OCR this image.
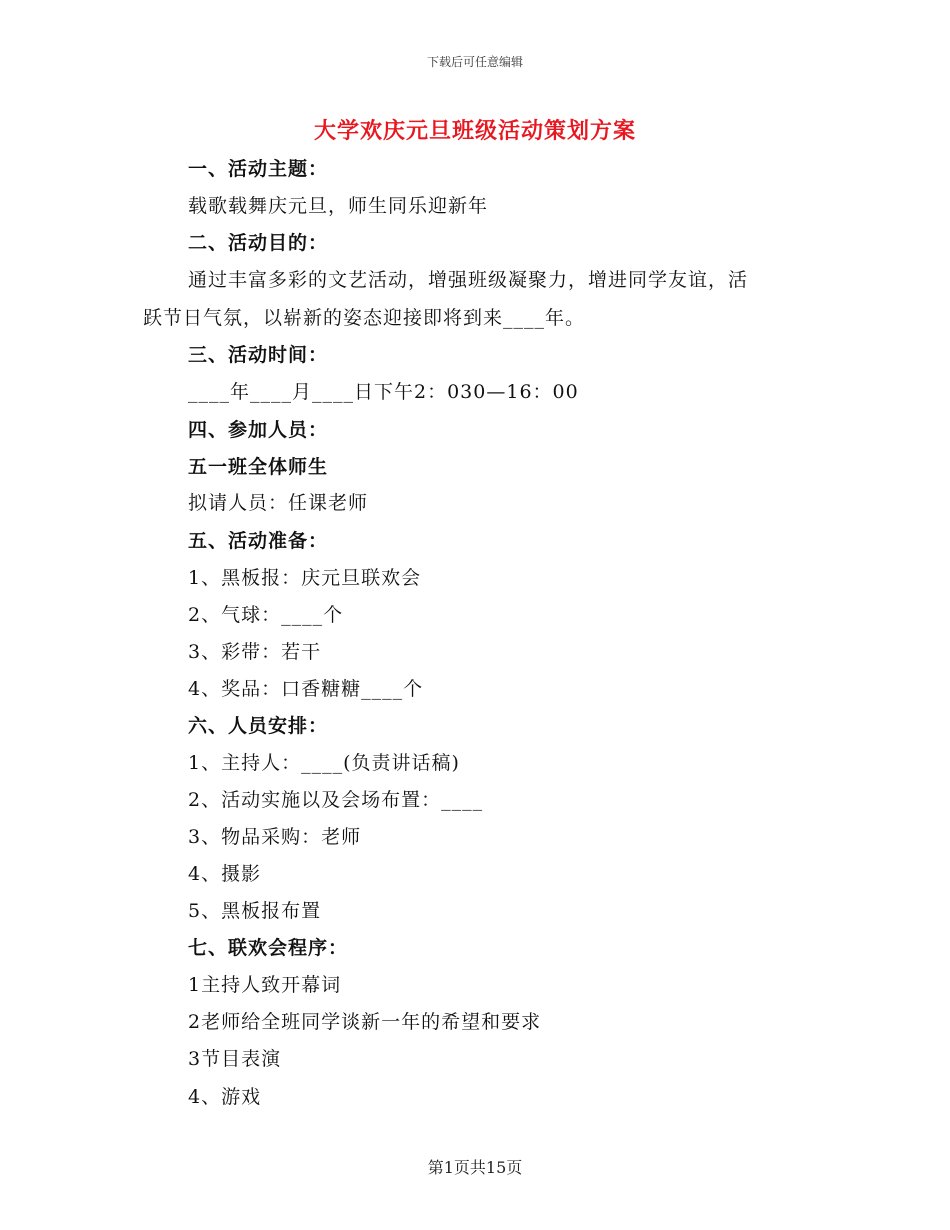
下载后可任意编辑
大学欢庆元旦班级活动策划方案
一、活动主题：
载歌载舞庆元旦，师生同乐迎新年
二、活动目的：
通过丰富多彩的文艺活动，增强班级凝聚力，增进同学友谊，活
跃节日气氛，以崭新的姿态迎接即将到来____年。
三、活动时间：
____年____月____日下午2：030—16：00
四、参加人员：
五一班全体师生
拟请人员：任课老师
五、活动准备：
1、黑板报：庆元旦联欢会
2、气球：____个
3、彩带：若干
4、奖品：口香糖糖____个
六、人员安排：
1、主持人：____(负责讲话稿)
2、活动实施以及会场布置：____
3、物品采购：老师
4、摄影
5、黑板报布置
七、联欢会程序：
1主持人致开幕词
2老师给全班同学谈新一年的希望和要求
3节目表演
4、游戏
第1页共15页
